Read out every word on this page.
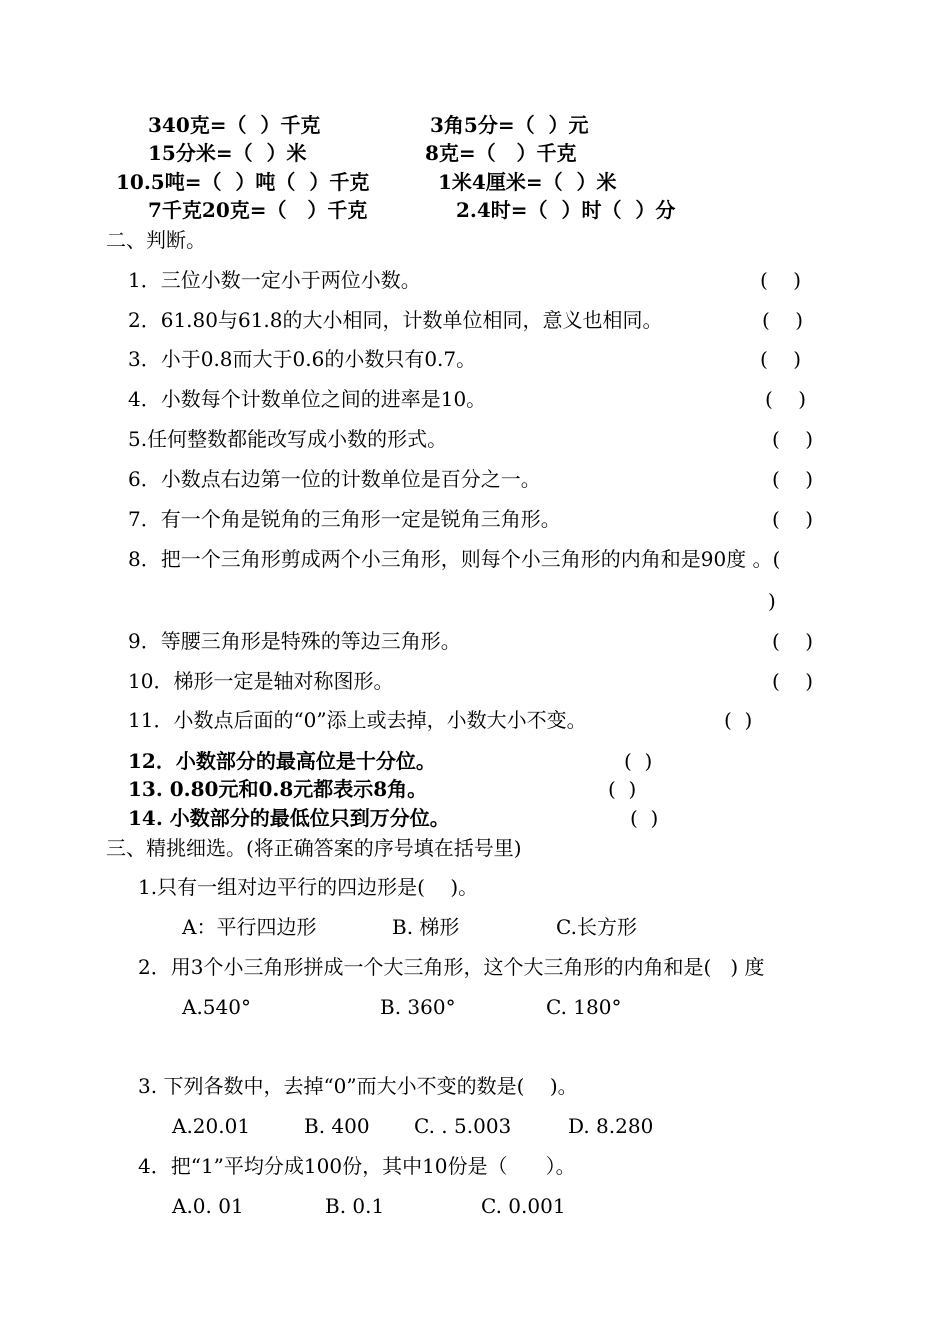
340克=（  ）千克	3角5分=（  ）元
15分米=（  ）米	8克=（   ）千克
10.5吨=（  ）吨（  ）千克	1米4厘米=（  ）米
7千克20克=（   ）千克	2.4时=（  ）时（  ）分
二、判断。
1．三位小数一定小于两位小数。	(    )
2．61.80与61.8的大小相同，计数单位相同，意义也相同。	(    )
3．小于0.8而大于0.6的小数只有0.7。	(    )
4．小数每个计数单位之间的进率是10。	(    )
5.任何整数都能改写成小数的形式。	(    )
6．小数点右边第一位的计数单位是百分之一。	(    )
7．有一个角是锐角的三角形一定是锐角三角形。	(    )
8．把一个三角形剪成两个小三角形，则每个小三角形的内角和是90度 。(
)
9．等腰三角形是特殊的等边三角形。	(    )
10．梯形一定是轴对称图形。	(    )
11．小数点后面的“0”添上或去掉，小数大小不变。	(  )
12．小数部分的最高位是十分位。	(  )
13. 0.80元和0.8元都表示8角。	(  )
14. 小数部分的最低位只到万分位。	(  )
三、精挑细选。(将正确答案的序号填在括号里)
1.只有一组对边平行的四边形是(    )。
A：平行四边形	B. 梯形	C.长方形
2．用3个小三角形拼成一个大三角形，这个大三角形的内角和是(   ) 度
A.540°	B. 360°	C. 180°
3. 下列各数中，去掉“0”而大小不变的数是(    )。
A.20.01	B. 400 C. . 5.003	D. 8.280
4．把“1”平均分成100份，其中10份是（      ）。
A.0. 01	B. 0.1	C. 0.001
